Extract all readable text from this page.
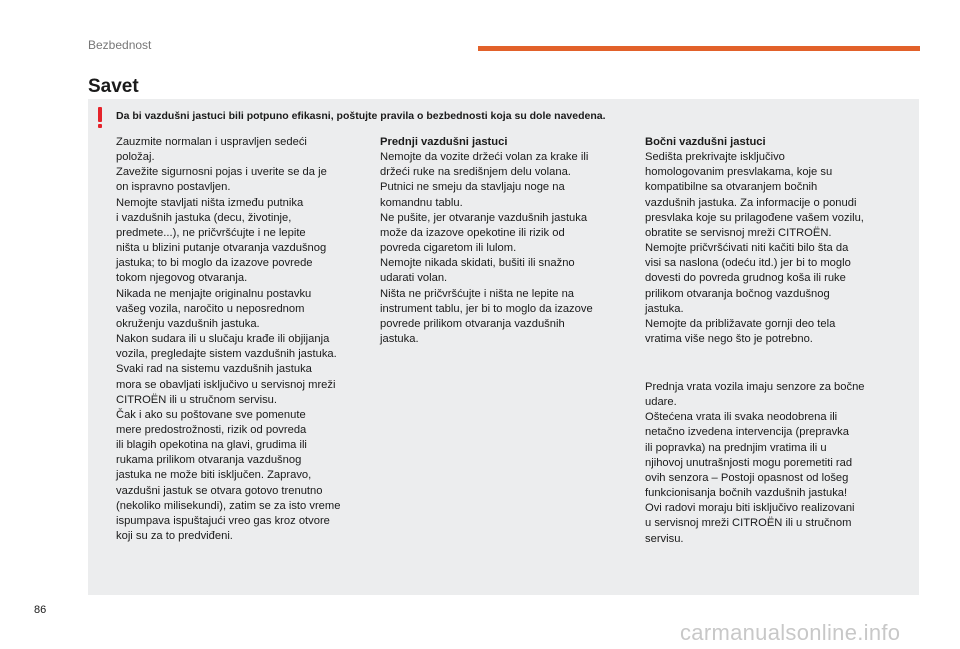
Bezbednost
Savet
Da bi vazdušni jastuci bili potpuno efikasni, poštujte pravila o bezbednosti koja su dole navedena.
Zauzmite normalan i uspravljen sedeći
položaj.
Zavežite sigurnosni pojas i uverite se da je
on ispravno postavljen.
Nemojte stavljati ništa između putnika
i vazdušnih jastuka (decu, životinje,
predmete...), ne pričvršćujte i ne lepite
ništa u blizini putanje otvaranja vazdušnog
jastuka; to bi moglo da izazove povrede
tokom njegovog otvaranja.
Nikada ne menjajte originalnu postavku
vašeg vozila, naročito u neposrednom
okruženju vazdušnih jastuka.
Nakon sudara ili u slučaju krađe ili objijanja
vozila, pregledajte sistem vazdušnih jastuka.
Svaki rad na sistemu vazdušnih jastuka
mora se obavljati isključivo u servisnoj mreži
CITROËN ili u stručnom servisu.
Čak i ako su poštovane sve pomenute
mere predostrožnosti, rizik od povreda
ili blagih opekotina na glavi, grudima ili
rukama prilikom otvaranja vazdušnog
jastuka ne može biti isključen. Zapravo,
vazdušni jastuk se otvara gotovo trenutno
(nekoliko milisekundi), zatim se za isto vreme
ispumpava ispuštajući vreo gas kroz otvore
koji su za to predviđeni.
Prednji vazdušni jastuci
Nemojte da vozite držeći volan za krake ili
držeći ruke na središnjem delu volana.
Putnici ne smeju da stavljaju noge na
komandnu tablu.
Ne pušite, jer otvaranje vazdušnih jastuka
može da izazove opekotine ili rizik od
povreda cigaretom ili lulom.
Nemojte nikada skidati, bušiti ili snažno
udarati volan.
Ništa ne pričvršćujte i ništa ne lepite na
instrument tablu, jer bi to moglo da izazove
povrede prilikom otvaranja vazdušnih
jastuka.
Bočni vazdušni jastuci
Sedišta prekrivajte isključivo
homologovanim presvlakama, koje su
kompatibilne sa otvaranjem bočnih
vazdušnih jastuka. Za informacije o ponudi
presvlaka koje su prilagođene vašem vozilu,
obratite se servisnoj mreži CITROËN.
Nemojte pričvršćivati niti kačiti bilo šta da
visi sa naslona (odeću itd.) jer bi to moglo
dovesti do povreda grudnog koša ili ruke
prilikom otvaranja bočnog vazdušnog
jastuka.
Nemojte da približavate gornji deo tela
vratima više nego što je potrebno.
Prednja vrata vozila imaju senzore za bočne
udare.
Oštećena vrata ili svaka neodobrena ili
netačno izvedena intervencija (prepravka
ili popravka) na prednjim vratima ili u
njihovoj unutrašnjosti mogu poremetiti rad
ovih senzora – Postoji opasnost od lošeg
funkcionisanja bočnih vazdušnih jastuka!
Ovi radovi moraju biti isključivo realizovani
u servisnoj mreži CITROËN ili u stručnom
servisu.
86
carmanualsonline.info
